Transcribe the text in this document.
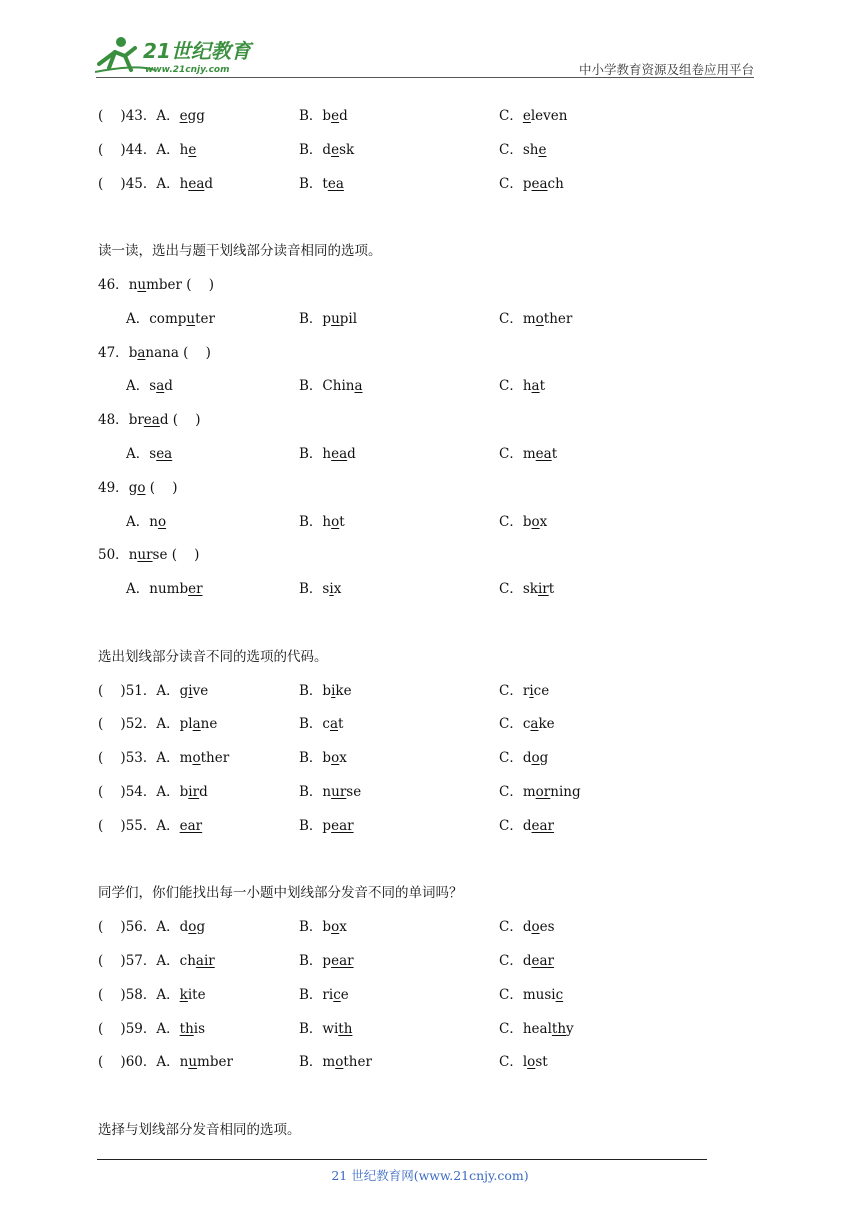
21世纪教育
www.21cnjy.com	中小学教育资源及组卷应用平台
(    )43．A．egg	B．bed	C．eleven
(    )44．A．he	B．desk	C．she
(    )45．A．head	B．tea	C．peach
读一读，选出与题干划线部分读音相同的选项。
46．number (    )
A．computer	B．pupil	C．mother
47．banana (    )
A．sad	B．China	C．hat
48．bread (    )
A．sea	B．head	C．meat
49．go (    )
A．no	B．hot	C．box
50．nurse (    )
A．number	B．six	C．skirt
选出划线部分读音不同的选项的代码。
(    )51．A．give	B．bike	C．rice
(    )52．A．plane	B．cat	C．cake
(    )53．A．mother	B．box	C．dog
(    )54．A．bird	B．nurse	C．morning
(    )55．A．ear	B．pear	C．dear
同学们，你们能找出每一小题中划线部分发音不同的单词吗？
(    )56．A．dog	B．box	C．does
(    )57．A．chair	B．pear	C．dear
(    )58．A．kite	B．rice	C．music
(    )59．A．this	B．with	C．healthy
(    )60．A．number	B．mother	C．lost
选择与划线部分发音相同的选项。
21 世纪教育网(www.21cnjy.com)
